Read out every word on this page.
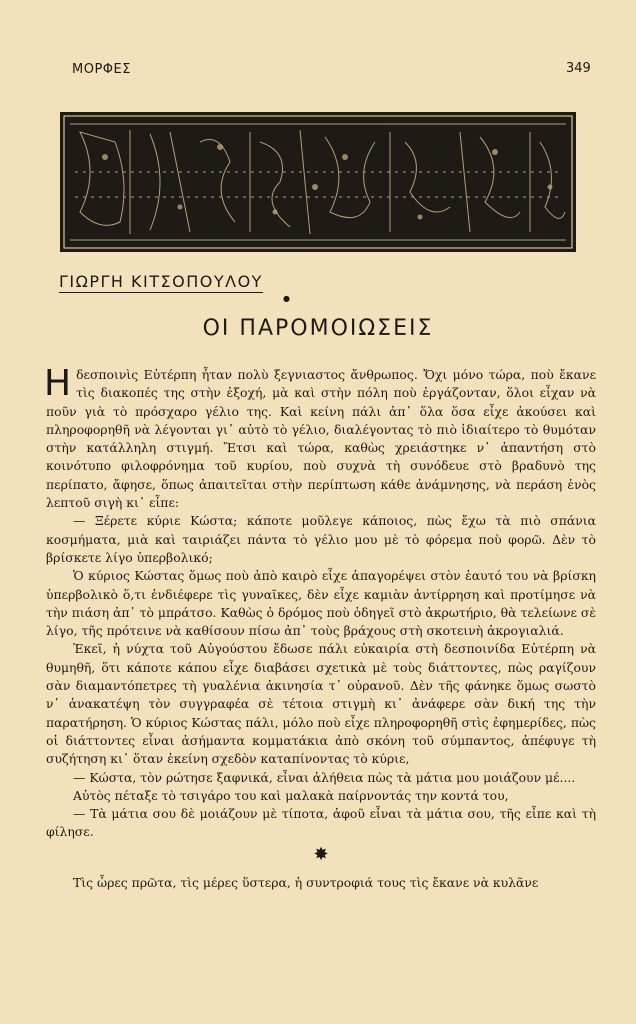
ΜΟΡΦΕΣ	349
ΓΙΩΡΓΗ ΚΙΤΣΟΠΟΥΛΟΥ
●
ΟΙ ΠΑΡΟΜΟΙΩΣΕΙΣ

Ηδεσποινὶς Εὐτέρπη ἦταν πολὺ ξεγνιαστος ἄνθρωπος. Ὄχι μόνο τώρα, ποὺ ἔκανε τὶς διακοπές της στὴν ἐξοχή, μὰ καὶ στὴν πόλη ποὺ ἐργάζονταν, ὅλοι εἶχαν νὰ ποῦν γιὰ τὸ πρόσχαρο γέλιο της. Καὶ κείνη πάλι ἀπ᾽ ὅλα ὅσα εἶχε ἀκούσει καὶ πληροφορηθῆ νὰ λέγονται γι᾽ αὐτὸ τὸ γέλιο, διαλέγοντας τὸ πιὸ ἰδιαίτερο τὸ θυμόταν στὴν κατάλληλη στιγμή. Ἔτσι καὶ τώρα, καθὼς χρειάστηκε ν᾽ ἀπαντήση στὸ κοινότυπο φιλοφρόνημα τοῦ κυρίου, ποὺ συχνὰ τὴ συνόδευε στὸ βραδυνὸ της περίπατο, ἄφησε, ὅπως ἀπαιτεῖται στὴν περίπτωση κάθε ἀνάμνησης, νὰ περάση ἑνὸς λεπτοῦ σιγὴ κι᾽ εἶπε:

— Ξέρετε κύριε Κώστα; κάποτε μοῦλεγε κάποιος, πὼς ἔχω τὰ πιὸ σπάνια κοσμήματα, μιὰ καὶ ταιριάζει πάντα τὸ γέλιο μου μὲ τὸ φόρεμα ποὺ φορῶ. Δὲν τὸ βρίσκετε λίγο ὑπερβολικό;

Ὁ κύριος Κώστας ὅμως ποὺ ἀπὸ καιρὸ εἶχε ἀπαγορέψει στὸν ἑαυτό του νὰ βρίσκη ὑπερβολικὸ ὅ,τι ἐνδιέφερε τὶς γυναῖκες, δὲν εἶχε καμιὰν ἀντίρρηση καὶ προτίμησε νὰ τὴν πιάση ἀπ᾽ τὸ μπράτσο. Καθὼς ὁ δρόμος ποὺ ὁδηγεῖ στὸ ἀκρωτήριο, θὰ τελείωνε σὲ λίγο, τῆς πρότεινε νὰ καθίσουν πίσω ἀπ᾽ τοὺς βράχους στὴ σκοτεινὴ ἀκρογιαλιά.

Ἐκεῖ, ἡ νύχτα τοῦ Αὐγούστου ἔδωσε πάλι εὐκαιρία στὴ δεσποινίδα Εὐτέρπη νὰ θυμηθῆ, ὅτι κάποτε κάπου εἶχε διαβάσει σχετικὰ μὲ τοὺς διάττοντες, πὼς ραγίζουν σὰν διαμαντόπετρες τὴ γυαλένια ἀκινησία τ᾽ οὐρανοῦ. Δὲν τῆς φάνηκε ὅμως σωστὸ ν᾽ ἀνακατέψη τὸν συγγραφέα σὲ τέτοια στιγμὴ κι᾽ ἀνάφερε σὰν δική της τὴν παρατήρηση. Ὁ κύριος Κώστας πάλι, μόλο ποὺ εἶχε πληροφορηθῆ στὶς ἐφημερίδες, πὼς οἱ διάττοντες εἶναι ἀσήμαντα κομματάκια ἀπὸ σκόνη τοῦ σύμπαντος, ἀπέφυγε τὴ συζήτηση κι᾽ ὅταν ἐκείνη σχεδὸν καταπίνοντας τὸ κύριε,

— Κώστα, τὸν ρώτησε ξαφνικά, εἶναι ἀλήθεια πὼς τὰ μάτια μου μοιάζουν μέ....

Αὐτὸς πέταξε τὸ τσιγάρο του καὶ μαλακὰ παίρνοντάς την κοντά του,

— Τὰ μάτια σου δὲ μοιάζουν μὲ τίποτα, ἀφοῦ εἶναι τὰ μάτια σου, τῆς εἶπε καὶ τὴ φίλησε.

✸

Τὶς ὧρες πρῶτα, τὶς μέρες ὕστερα, ἡ συντροφιά τους τὶς ἔκανε νὰ κυλᾶνε
